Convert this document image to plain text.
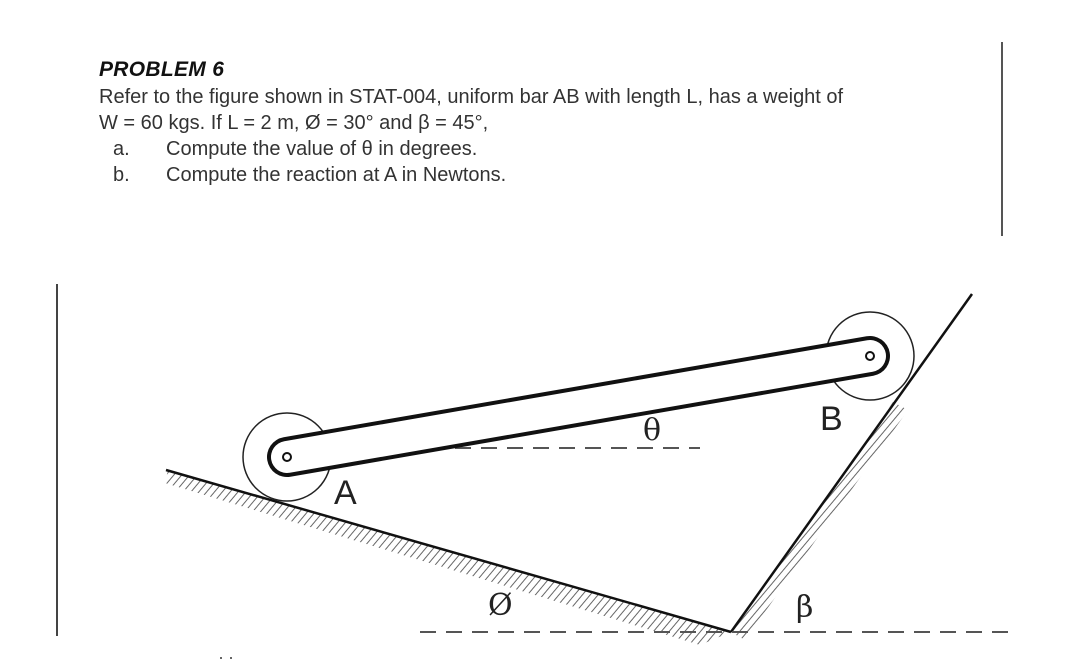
PROBLEM 6

Refer to the figure shown in STAT-004, uniform bar AB with length L, has a weight of

W = 60 kgs. If L = 2 m, Ø = 30° and β = 45°,

a.	Compute the value of θ in degrees.
b.	Compute the reaction at A in Newtons.
A
B
θ
Ø	β
